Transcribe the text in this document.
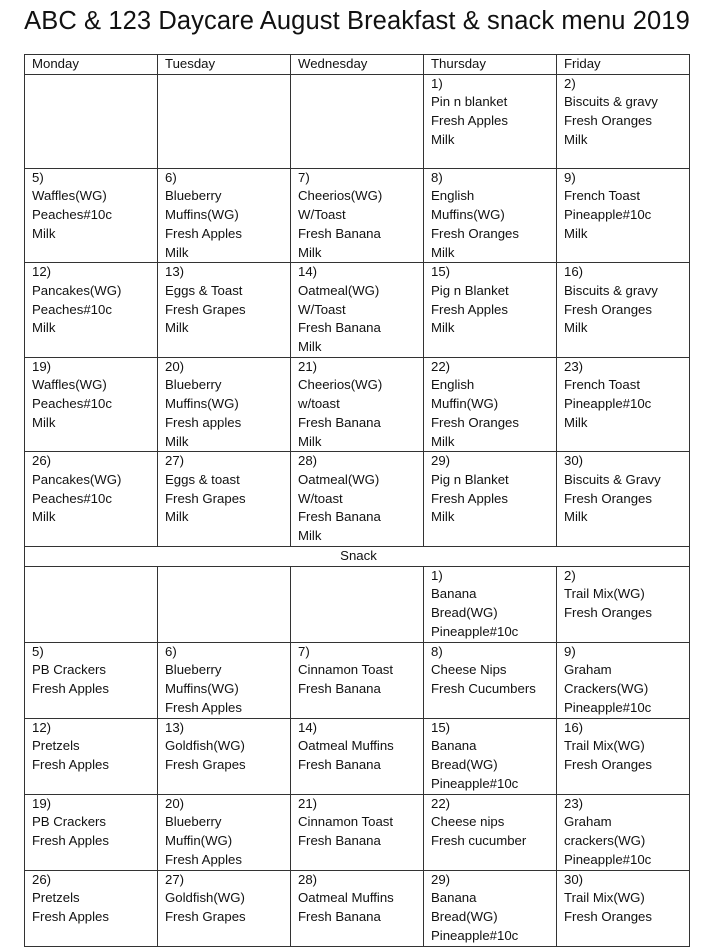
ABC & 123 Daycare August Breakfast & snack menu 2019
Monday	Tuesday	Wednesday	Thursday	Friday
			1)
Pin n blanket
Fresh Apples
Milk	2)
Biscuits & gravy
Fresh Oranges
Milk
5)
Waffles(WG)
Peaches#10c
Milk	6)
Blueberry
Muffins(WG)
Fresh Apples
Milk	7)
Cheerios(WG)
W/Toast
Fresh Banana
Milk	8)
English
Muffins(WG)
Fresh Oranges
Milk	9)
French Toast
Pineapple#10c
Milk
12)
Pancakes(WG)
Peaches#10c
Milk	13)
Eggs & Toast
Fresh Grapes
Milk	14)
Oatmeal(WG)
W/Toast
Fresh Banana
Milk	15)
Pig n Blanket
Fresh Apples
Milk	16)
Biscuits & gravy
Fresh Oranges
Milk
19)
Waffles(WG)
Peaches#10c
Milk	20)
Blueberry
Muffins(WG)
Fresh apples
Milk	21)
Cheerios(WG)
w/toast
Fresh Banana
Milk	22)
English
Muffin(WG)
Fresh Oranges
Milk	23)
French Toast
Pineapple#10c
Milk
26)
Pancakes(WG)
Peaches#10c
Milk	27)
Eggs & toast
Fresh Grapes
Milk	28)
Oatmeal(WG)
W/toast
Fresh Banana
Milk	29)
Pig n Blanket
Fresh Apples
Milk	30)
Biscuits & Gravy
Fresh Oranges
Milk
Snack				
			1)
Banana
Bread(WG)
Pineapple#10c	2)
Trail Mix(WG)
Fresh Oranges
5)
PB Crackers
Fresh Apples	6)
Blueberry
Muffins(WG)
Fresh Apples	7)
Cinnamon Toast
Fresh Banana	8)
Cheese Nips
Fresh Cucumbers	9)
Graham
Crackers(WG)
Pineapple#10c
12)
Pretzels
Fresh Apples	13)
Goldfish(WG)
Fresh Grapes	14)
Oatmeal Muffins
Fresh Banana	15)
Banana
Bread(WG)
Pineapple#10c	16)
Trail Mix(WG)
Fresh Oranges
19)
PB Crackers
Fresh Apples	20)
Blueberry
Muffin(WG)
Fresh Apples	21)
Cinnamon Toast
Fresh Banana	22)
Cheese nips
Fresh cucumber	23)
Graham
crackers(WG)
Pineapple#10c
26)
Pretzels
Fresh Apples	27)
Goldfish(WG)
Fresh Grapes	28)
Oatmeal Muffins
Fresh Banana	29)
Banana
Bread(WG)
Pineapple#10c	30)
Trail Mix(WG)
Fresh Oranges
